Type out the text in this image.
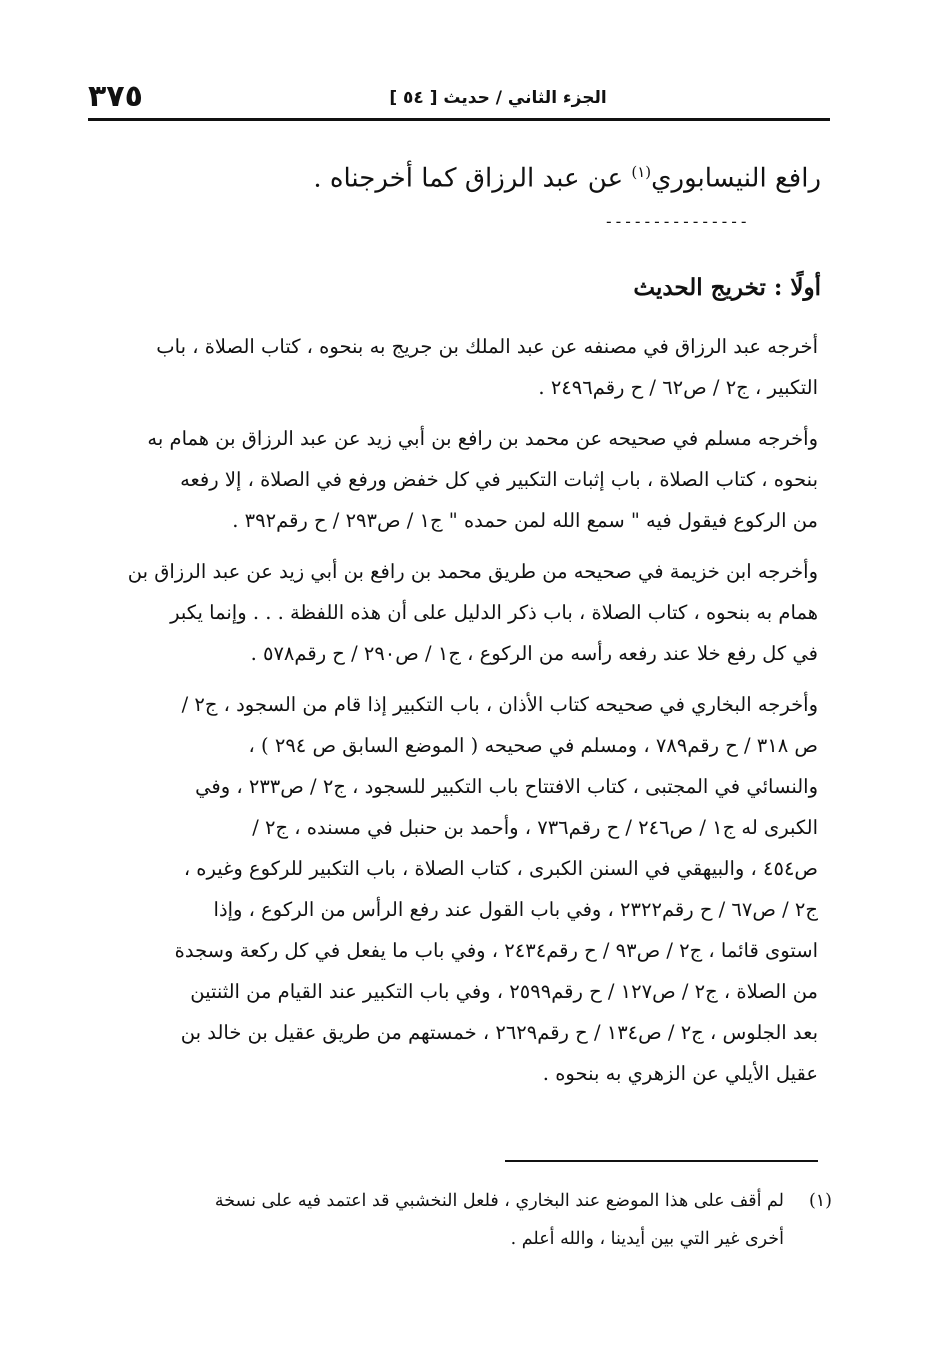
٣٧٥	الجزء الثاني / حديث [ ٥٤ ]
رافع النيسابوري$^{(١)}$ عن عبد الرزاق كما أخرجناه .
---------------
أولًا : تخريج الحديث

أخرجه عبد الرزاق في مصنفه عن عبد الملك بن جريج به بنحوه ، كتاب الصلاة ، باب
التكبير ، ج٢ / ص٦٢ / ح رقم٢٤٩٦ .

وأخرجه مسلم في صحيحه عن محمد بن رافع بن أبي زيد عن عبد الرزاق بن همام به
بنحوه ، كتاب الصلاة ، باب إثبات التكبير في كل خفض ورفع في الصلاة ، إلا رفعه
من الركوع فيقول فيه " سمع الله لمن حمده " ج١ / ص٢٩٣ / ح رقم٣٩٢ .

وأخرجه ابن خزيمة في صحيحه من طريق محمد بن رافع بن أبي زيد عن عبد الرزاق بن
همام به بنحوه ، كتاب الصلاة ، باب ذكر الدليل على أن هذه اللفظة . . . وإنما يكبر
في كل رفع خلا عند رفعه رأسه من الركوع ، ج١ / ص٢٩٠ / ح رقم٥٧٨ .

وأخرجه البخاري في صحيحه كتاب الأذان ، باب التكبير إذا قام من السجود ، ج٢ /
ص ٣١٨ / ح رقم٧٨٩ ، ومسلم في صحيحه ( الموضع السابق ص ٢٩٤ ) ،
والنسائي في المجتبى ، كتاب الافتتاح باب التكبير للسجود ، ج٢ / ص٢٣٣ ، وفي
الكبرى له ج١ / ص٢٤٦ / ح رقم٧٣٦ ، وأحمد بن حنبل في مسنده ، ج٢ /
ص٤٥٤ ، والبيهقي في السنن الكبرى ، كتاب الصلاة ، باب التكبير للركوع وغيره ،
ج٢ / ص٦٧ / ح رقم٢٣٢٢ ، وفي باب القول عند رفع الرأس من الركوع ، وإذا
استوى قائما ، ج٢ / ص٩٣ / ح رقم٢٤٣٤ ، وفي باب ما يفعل في كل ركعة وسجدة
من الصلاة ، ج٢ / ص١٢٧ / ح رقم٢٥٩٩ ، وفي باب التكبير عند القيام من الثنتين
بعد الجلوس ، ج٢ / ص١٣٤ / ح رقم٢٦٢٩ ، خمستهم من طريق عقيل بن خالد بن
عقيل الأيلي عن الزهري به بنحوه .

(١)
لم أقف على هذا الموضع عند البخاري ، فلعل النخشبي قد اعتمد فيه على نسخة
أخرى غير التي بين أيدينا ، والله أعلم .
